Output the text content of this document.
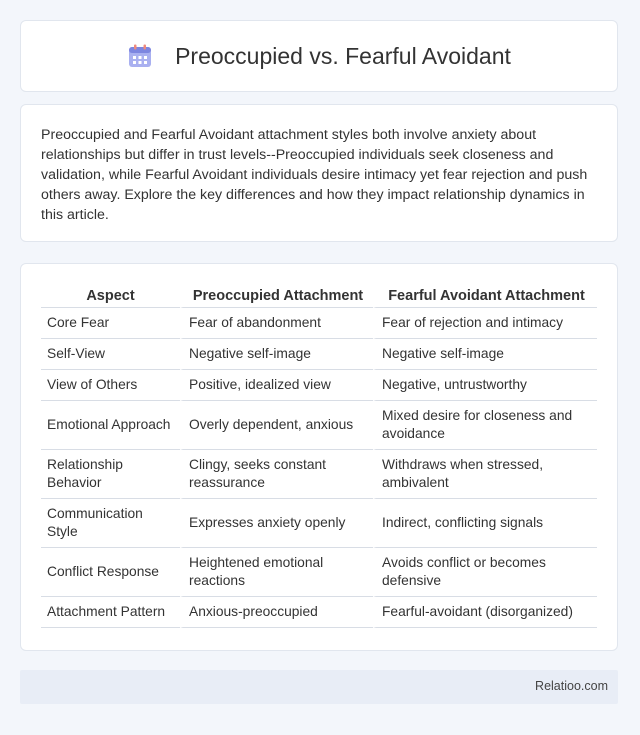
Preoccupied vs. Fearful Avoidant

Preoccupied and Fearful Avoidant attachment styles both involve anxiety about relationships but differ in trust levels--Preoccupied individuals seek closeness and validation, while Fearful Avoidant individuals desire intimacy yet fear rejection and push others away. Explore the key differences and how they impact relationship dynamics in this article.

Aspect	Preoccupied Attachment	Fearful Avoidant Attachment
Core Fear	Fear of abandonment	Fear of rejection and intimacy
Self-View	Negative self-image	Negative self-image
View of Others	Positive, idealized view	Negative, untrustworthy
Emotional Approach	Overly dependent, anxious	Mixed desire for closeness and avoidance
Relationship Behavior	Clingy, seeks constant reassurance	Withdraws when stressed, ambivalent
Communication Style	Expresses anxiety openly	Indirect, conflicting signals
Conflict Response	Heightened emotional reactions	Avoids conflict or becomes defensive
Attachment Pattern	Anxious-preoccupied	Fearful-avoidant (disorganized)
Relatioo.com
